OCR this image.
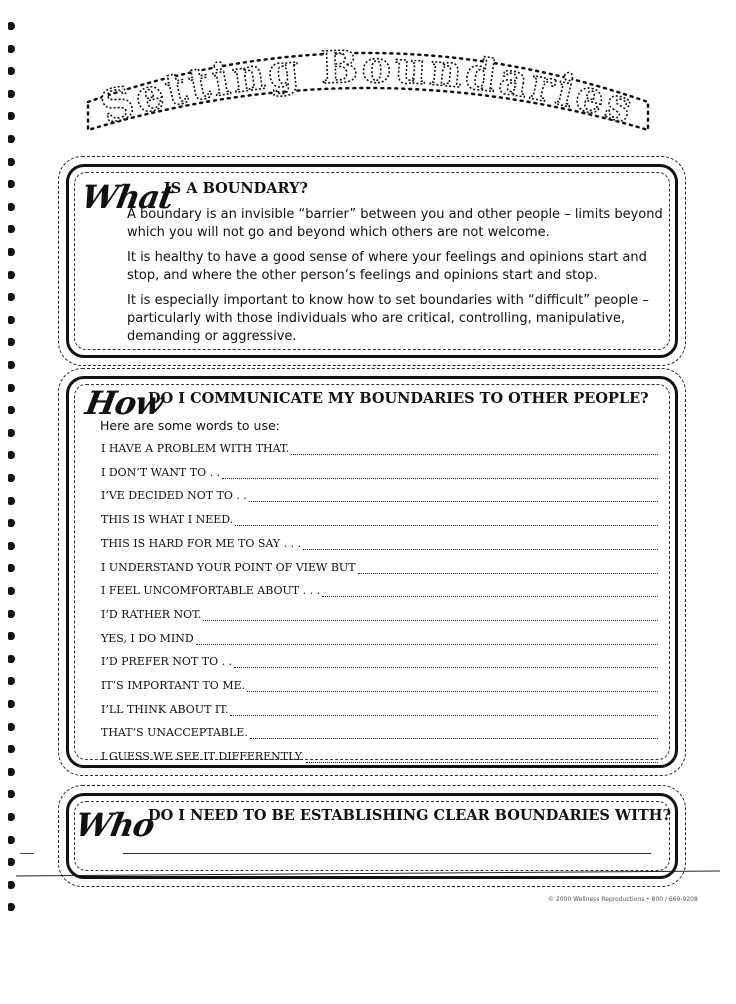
Setting Boundaries
What
IS A BOUNDARY?
A boundary is an invisible “barrier” between you and other people – limits beyond which you will not go and beyond which others are not welcome.
It is healthy to have a good sense of where your feelings and opinions start and stop, and where the other person’s feelings and opinions start and stop.
It is especially important to know how to set boundaries with “difficult” people – particularly with those individuals who are critical, controlling, manipulative, demanding or aggressive.
How
DO I COMMUNICATE MY BOUNDARIES TO OTHER PEOPLE?
Here are some words to use:
I HAVE A PROBLEM WITH THAT.
I DON’T WANT TO . .
I’VE DECIDED NOT TO . .
THIS IS WHAT I NEED.
THIS IS HARD FOR ME TO SAY . . .
I UNDERSTAND YOUR POINT OF VIEW BUT
I FEEL UNCOMFORTABLE ABOUT . . .
I’D RATHER NOT.
YES, I DO MIND
I’D PREFER NOT TO . .
IT’S IMPORTANT TO ME.
I’LL THINK ABOUT IT.
THAT’S UNACCEPTABLE.
I GUESS WE SEE IT DIFFERENTLY.
Who
DO I NEED TO BE ESTABLISHING CLEAR BOUNDARIES WITH?
© 2000 Wellness Reproductions • 800 / 669-9208
